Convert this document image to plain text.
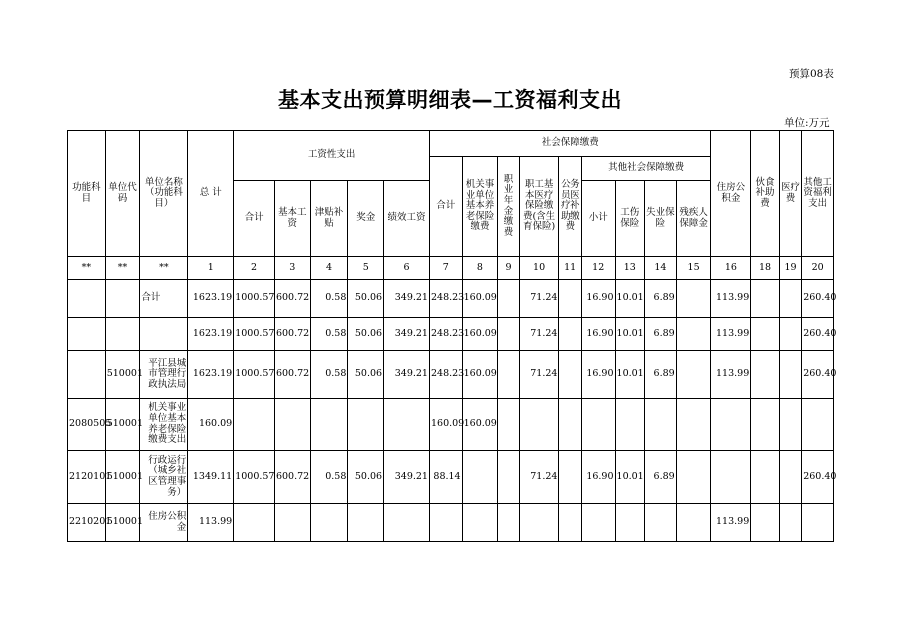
预算08表
基本支出预算明细表—工资福利支出
单位:万元
功能科目	单位代码	单位名称（功能科目）	总 计	工资性支出					社会保障缴费									住房公积金	伙食补助费	医疗费	其他工资福利支出
									合计	机关事业单位基本养老保险缴费	职业年金缴费	职工基本医疗保险缴费(含生育保险)	公务员医疗补助缴费	其他社会保障缴费							
				合计	基本工资	津贴补贴	奖金	绩效工资						小计	工伤保险	失业保险	残疾人保障金				
**	**	**	1	2	3	4	5	6	7	8	9	10	11	12	13	14	15	16	18	19	20
		合计	1623.19	1000.57	600.72	0.58	50.06	349.21	248.23	160.09		71.24		16.90	10.01	6.89		113.99			260.40
			1623.19	1000.57	600.72	0.58	50.06	349.21	248.23	160.09		71.24		16.90	10.01	6.89		113.99			260.40
	510001	平江县城市管理行政执法局	1623.19	1000.57	600.72	0.58	50.06	349.21	248.23	160.09		71.24		16.90	10.01	6.89		113.99			260.40
2080505	510001	机关事业单位基本养老保险缴费支出	160.09						160.09	160.09											
2120101	510001	行政运行（城乡社区管理事务）	1349.11	1000.57	600.72	0.58	50.06	349.21	88.14			71.24		16.90	10.01	6.89					260.40
2210201	510001	住房公积金	113.99															113.99			
